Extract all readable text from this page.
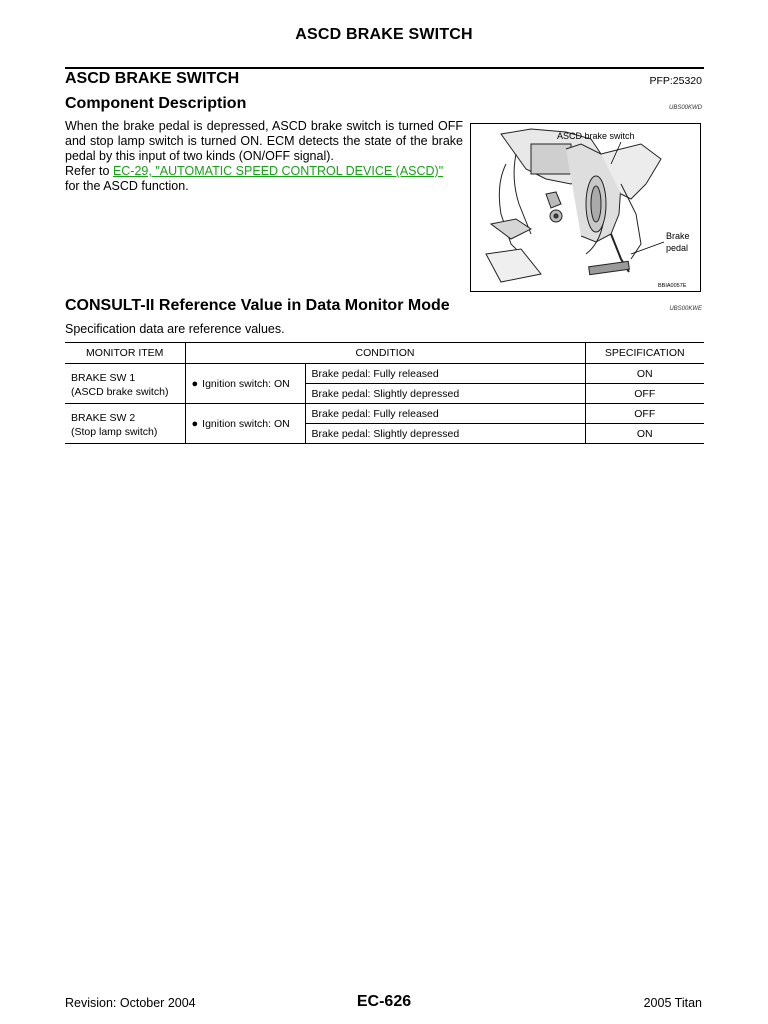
ASCD BRAKE SWITCH
ASCD BRAKE SWITCH	PFP:25320
Component Description	UBS00KWD
When the brake pedal is depressed, ASCD brake switch is turned OFF and stop lamp switch is turned ON. ECM detects the state of the brake pedal by this input of two kinds (ON/OFF signal).
Refer to EC-29, "AUTOMATIC SPEED CONTROL DEVICE (ASCD)"
for the ASCD function.
ASCD brake switch
Brake
pedal
BBIA0057E
CONSULT-II Reference Value in Data Monitor Mode	UBS00KWE
Specification data are reference values.
MONITOR ITEM	CONDITION		SPECIFICATION
BRAKE SW 1
(ASCD brake switch)	● Ignition switch: ON	Brake pedal: Fully released	ON
		Brake pedal: Slightly depressed	OFF
BRAKE SW 2
(Stop lamp switch)	● Ignition switch: ON	Brake pedal: Fully released	OFF
		Brake pedal: Slightly depressed	ON
Revision: October 2004	EC-626	2005 Titan
